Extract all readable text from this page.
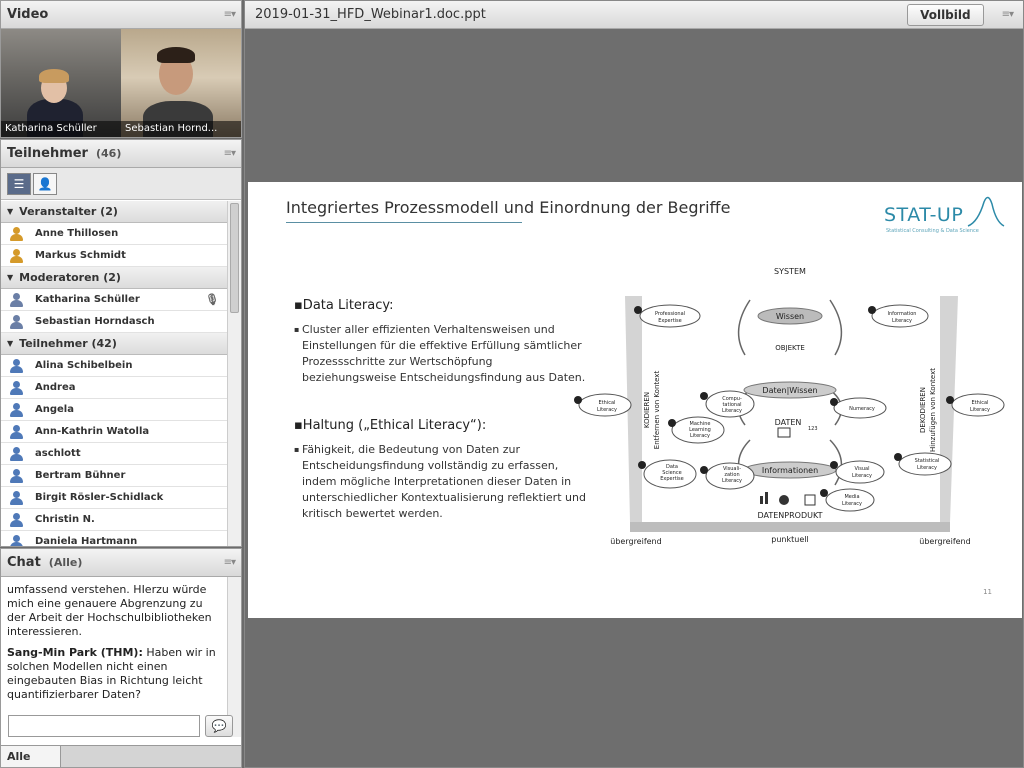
Video	≡▾
Katharina Schüller	Sebastian Hornd...
Teilnehmer (46)	≡▾
☰	👤
▼ Veranstalter (2)
Anne Thillosen
Markus Schmidt
▼ Moderatoren (2)
Katharina Schüller	🎙
Sebastian Horndasch
▼ Teilnehmer (42)
Alina Schibelbein
Andrea
Angela
Ann-Kathrin Watolla
aschlott
Bertram Bühner
Birgit Rösler-Schidlack
Christin N.
Daniela Hartmann
Chat (Alle)	≡▾

umfassend verstehen. HIerzu würde mich eine genauere Abgrenzung zu der Arbeit der Hochschulbibliotheken interessieren.

Sang-Min Park (THM): Haben wir in solchen Modellen nicht einen eingebauten Bias in Richtung leicht quantifizierbarer Daten?

💬
Alle
2019-01-31_HFD_Webinar1.doc.ppt	Vollbild	≡▾
Integriertes Prozessmodell und Einordnung der Begriffe	STAT-UP
Statistical Consulting & Data Science
▪Data Literacy:
▪ Cluster aller effizienten Verhaltensweisen und Einstellungen für die effektive Erfüllung sämtlicher Prozessschritte zur Wertschöpfung beziehungsweise Entscheidungsfindung aus Daten.
▪Haltung („Ethical Literacy“):
▪ Fähigkeit, die Bedeutung von Daten zur Entscheidungsfindung vollständig zu erfassen, indem mögliche Interpretationen dieser Daten in unterschiedlicher Kontextualisierung reflektiert und kritisch bewertet werden.
SYSTEM
Wissen
OBJEKTE
Daten|Wissen
DATEN
123
Informationen
DATENPRODUKT
KODIEREN Entfernen von Kontext	DEKODIEREN Hinzufügen von Kontext
übergreifend	punktuell	übergreifend
Professional
Expertise
Information
Literacy
Ethical
Literacy
Ethical
Literacy
Compu-
tational
Literacy
Machine
Learning
Literacy
Numeracy
Statistical
Literacy
Data
Science
Expertise
Visuali-
zation
Literacy
Visual
Literacy
Media
Literacy
11
